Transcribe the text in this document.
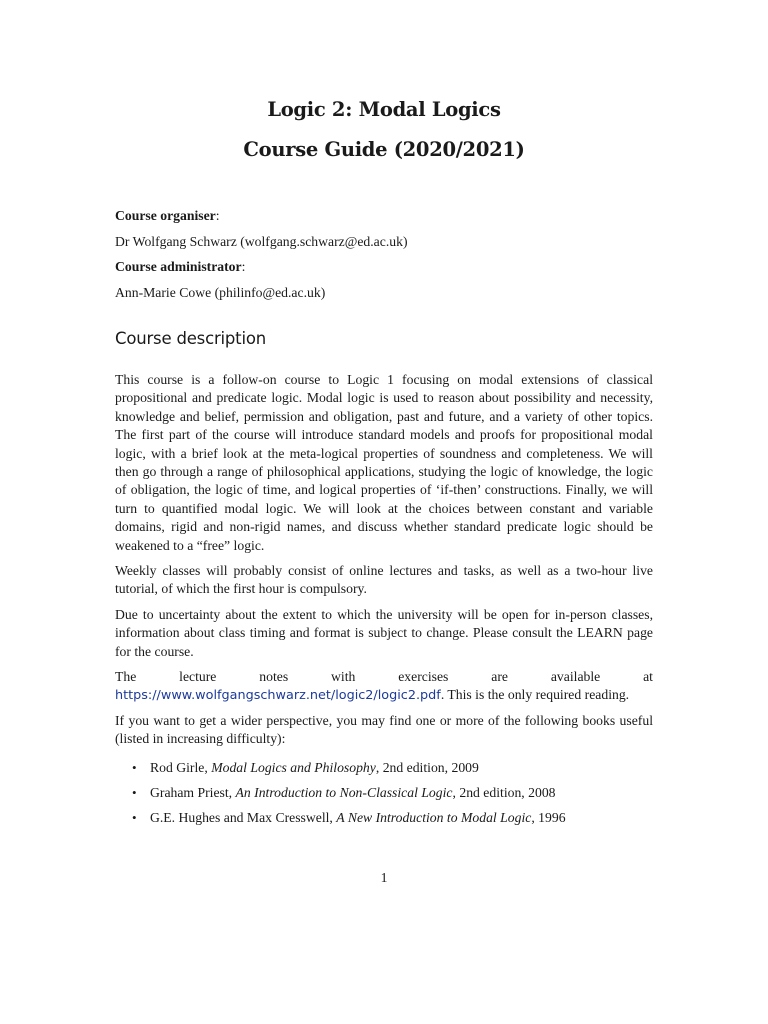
Logic 2: Modal Logics
Course Guide (2020/2021)

Course organiser:

Dr Wolfgang Schwarz (wolfgang.schwarz@ed.ac.uk)

Course administrator:

Ann-Marie Cowe (philinfo@ed.ac.uk)

Course description

This course is a follow-on course to Logic 1 focusing on modal extensions of classical propositional and predicate logic. Modal logic is used to reason about possibility and necessity, knowledge and belief, permission and obligation, past and future, and a variety of other topics. The first part of the course will introduce standard models and proofs for propositional modal logic, with a brief look at the meta-logical properties of soundness and completeness. We will then go through a range of philosophical applications, studying the logic of knowledge, the logic of obligation, the logic of time, and logical properties of ‘if-then’ constructions. Finally, we will turn to quantified modal logic. We will look at the choices between constant and variable domains, rigid and non-rigid names, and discuss whether standard predicate logic should be weakened to a “free” logic.

Weekly classes will probably consist of online lectures and tasks, as well as a two-hour live tutorial, of which the first hour is compulsory.

Due to uncertainty about the extent to which the university will be open for in-person classes, information about class timing and format is subject to change. Please consult the LEARN page for the course.

The lecture notes with exercises are available at https://www.wolfgangschwarz.net/logic2/logic2.pdf. This is the only required reading.

If you want to get a wider perspective, you may find one or more of the following books useful (listed in increasing difficulty):

• Rod Girle, Modal Logics and Philosophy, 2nd edition, 2009
• Graham Priest, An Introduction to Non-Classical Logic, 2nd edition, 2008
• G.E. Hughes and Max Cresswell, A New Introduction to Modal Logic, 1996

1
